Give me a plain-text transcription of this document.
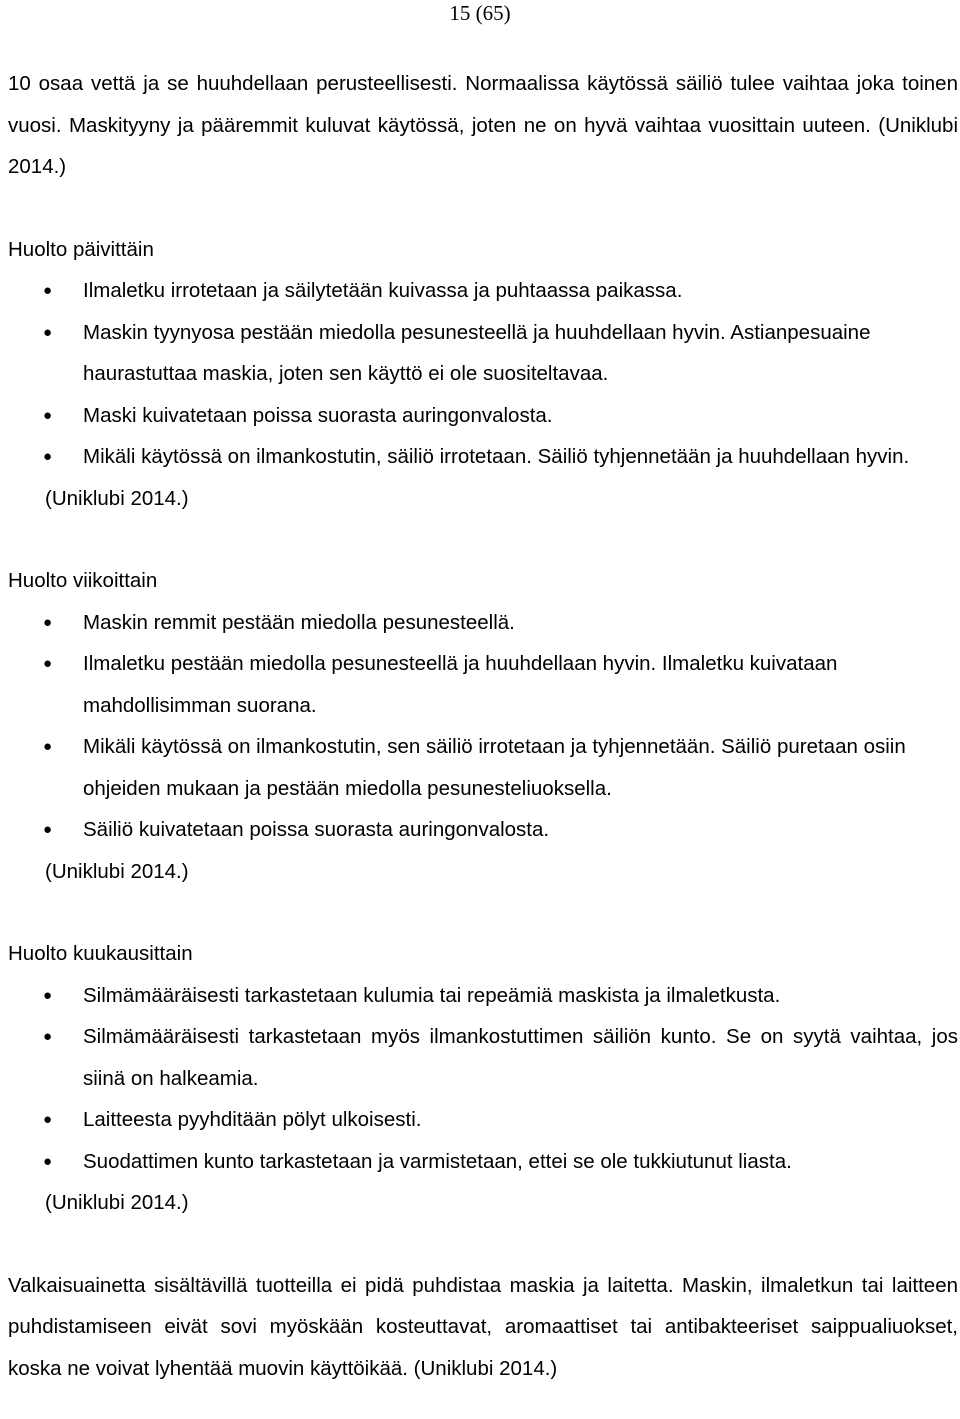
15 (65)

10 osaa vettä ja se huuhdellaan perusteellisesti. Normaalissa käytössä säiliö tulee vaihtaa joka toinen vuosi. Maskityyny ja pääremmit kuluvat käytössä, joten ne on hyvä vaihtaa vuosittain uuteen. (Uniklubi 2014.)

Huolto päivittäin

● Ilmaletku irrotetaan ja säilytetään kuivassa ja puhtaassa paikassa.
● Maskin tyynyosa pestään miedolla pesunesteellä ja huuhdellaan hyvin. Astianpesuaine haurastuttaa maskia, joten sen käyttö ei ole suositeltavaa.
● Maski kuivatetaan poissa suorasta auringonvalosta.
● Mikäli käytössä on ilmankostutin, säiliö irrotetaan. Säiliö tyhjennetään ja huuhdellaan hyvin.

(Uniklubi 2014.)

Huolto viikoittain

● Maskin remmit pestään miedolla pesunesteellä.
● Ilmaletku pestään miedolla pesunesteellä ja huuhdellaan hyvin. Ilmaletku kuivataan mahdollisimman suorana.
● Mikäli käytössä on ilmankostutin, sen säiliö irrotetaan ja tyhjennetään. Säiliö puretaan osiin ohjeiden mukaan ja pestään miedolla pesunesteliuoksella.
● Säiliö kuivatetaan poissa suorasta auringonvalosta.

(Uniklubi 2014.)

Huolto kuukausittain

● Silmämääräisesti tarkastetaan kulumia tai repeämiä maskista ja ilmaletkusta.
● Silmämääräisesti tarkastetaan myös ilmankostuttimen säiliön kunto. Se on syytä vaihtaa, jos siinä on halkeamia.
● Laitteesta pyyhditään pölyt ulkoisesti.
● Suodattimen kunto tarkastetaan ja varmistetaan, ettei se ole tukkiutunut liasta.

(Uniklubi 2014.)

Valkaisuainetta sisältävillä tuotteilla ei pidä puhdistaa maskia ja laitetta. Maskin, ilmaletkun tai laitteen puhdistamiseen eivät sovi myöskään kosteuttavat, aromaattiset tai antibakteeriset saippualiuokset, koska ne voivat lyhentää muovin käyttöikää. (Uniklubi 2014.)
